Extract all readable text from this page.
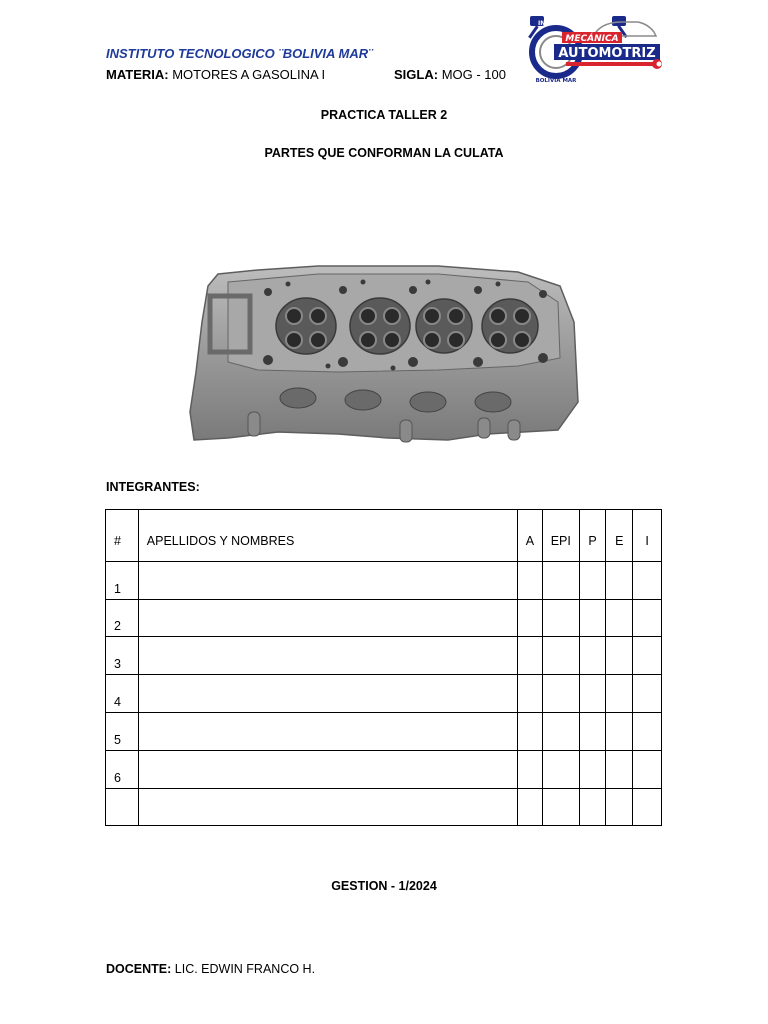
INSTITUTO TECNOLOGICO ¨BOLIVIA MAR¨
MATERIA: MOTORES A GASOLINA I	SIGLA: MOG - 100
INSTITUTO
BOLIVIA MAR
MECÁNICA
AUTOMOTRIZ
PRACTICA TALLER 2
PARTES QUE CONFORMAN LA CULATA
INTEGRANTES:
#	APELLIDOS Y NOMBRES	A	EPI	P	E	I
1						
2						
3						
4						
5						
6						

GESTION - 1/2024
DOCENTE: LIC. EDWIN FRANCO H.
